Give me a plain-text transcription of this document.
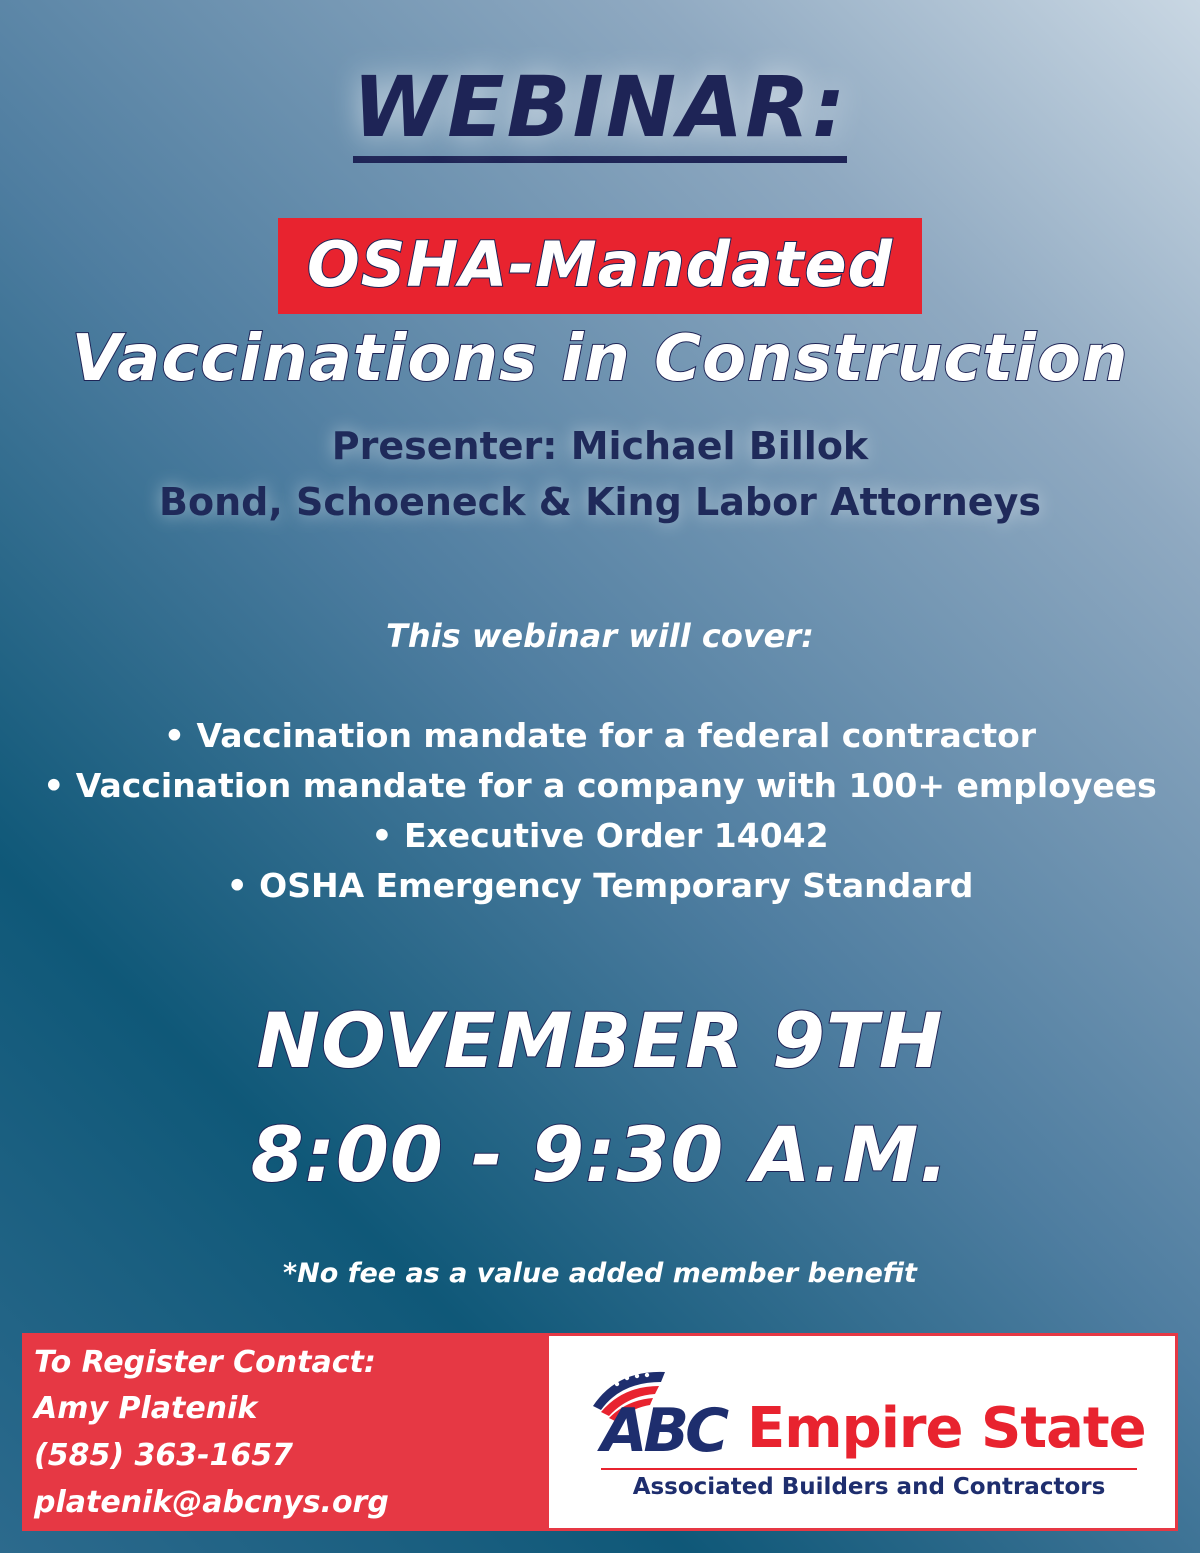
WEBINAR:
OSHA-Mandated
Vaccinations in Construction
Presenter: Michael Billok
Bond, Schoeneck & King Labor Attorneys
This webinar will cover:
• Vaccination mandate for a federal contractor
• Vaccination mandate for a company with 100+ employees
• Executive Order 14042
• OSHA Emergency Temporary Standard
NOVEMBER 9TH
8:00 - 9:30 A.M.
*No fee as a value added member benefit
To Register Contact:
Amy Platenik
(585) 363-1657
platenik@abcnys.org
ABC Empire State
Associated Builders and Contractors
